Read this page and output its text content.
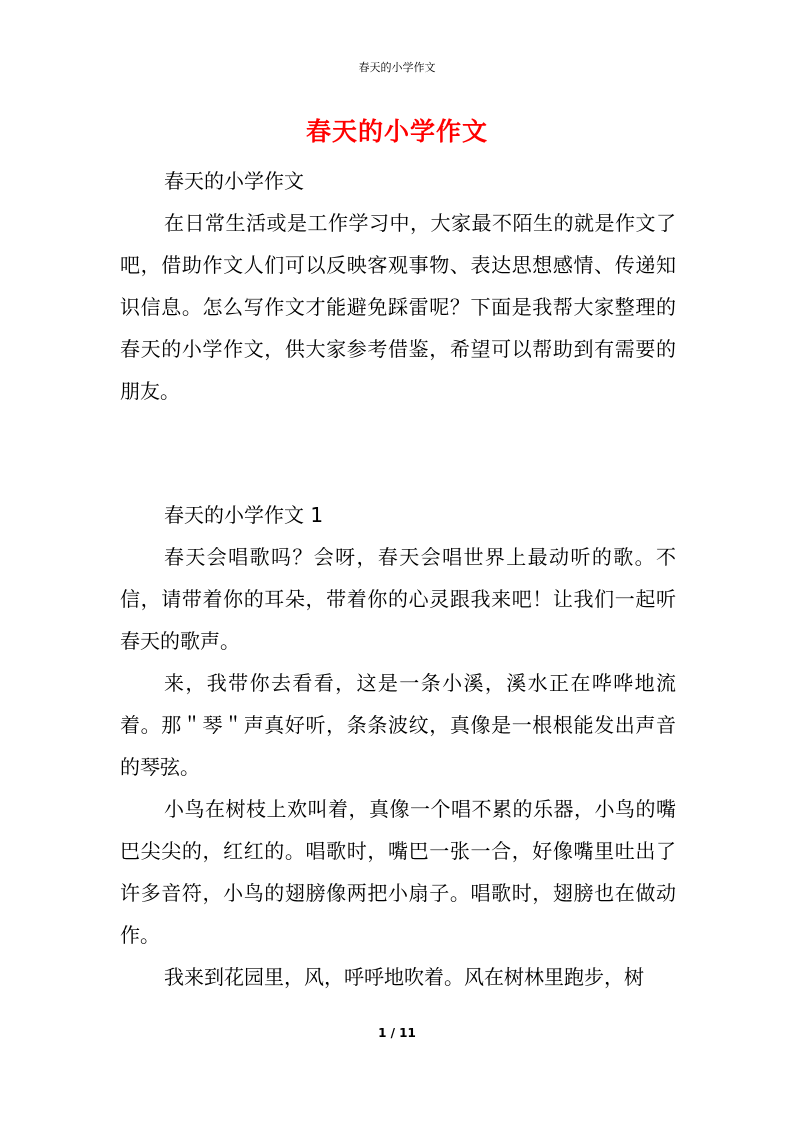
春天的小学作文
春天的小学作文

春天的小学作文

在日常生活或是工作学习中，大家最不陌生的就是作文了吧，借助作文人们可以反映客观事物、表达思想感情、传递知识信息。怎么写作文才能避免踩雷呢？下面是我帮大家整理的春天的小学作文，供大家参考借鉴，希望可以帮助到有需要的朋友。

春天的小学作文 1

春天会唱歌吗？会呀，春天会唱世界上最动听的歌。不信，请带着你的耳朵，带着你的心灵跟我来吧！让我们一起听春天的歌声。

来，我带你去看看，这是一条小溪，溪水正在哗哗地流着。那＂琴＂声真好听，条条波纹，真像是一根根能发出声音的琴弦。

小鸟在树枝上欢叫着，真像一个唱不累的乐器，小鸟的嘴巴尖尖的，红红的。唱歌时，嘴巴一张一合，好像嘴里吐出了许多音符，小鸟的翅膀像两把小扇子。唱歌时，翅膀也在做动作。

我来到花园里，风，呼呼地吹着。风在树林里跑步，树

1 / 11
